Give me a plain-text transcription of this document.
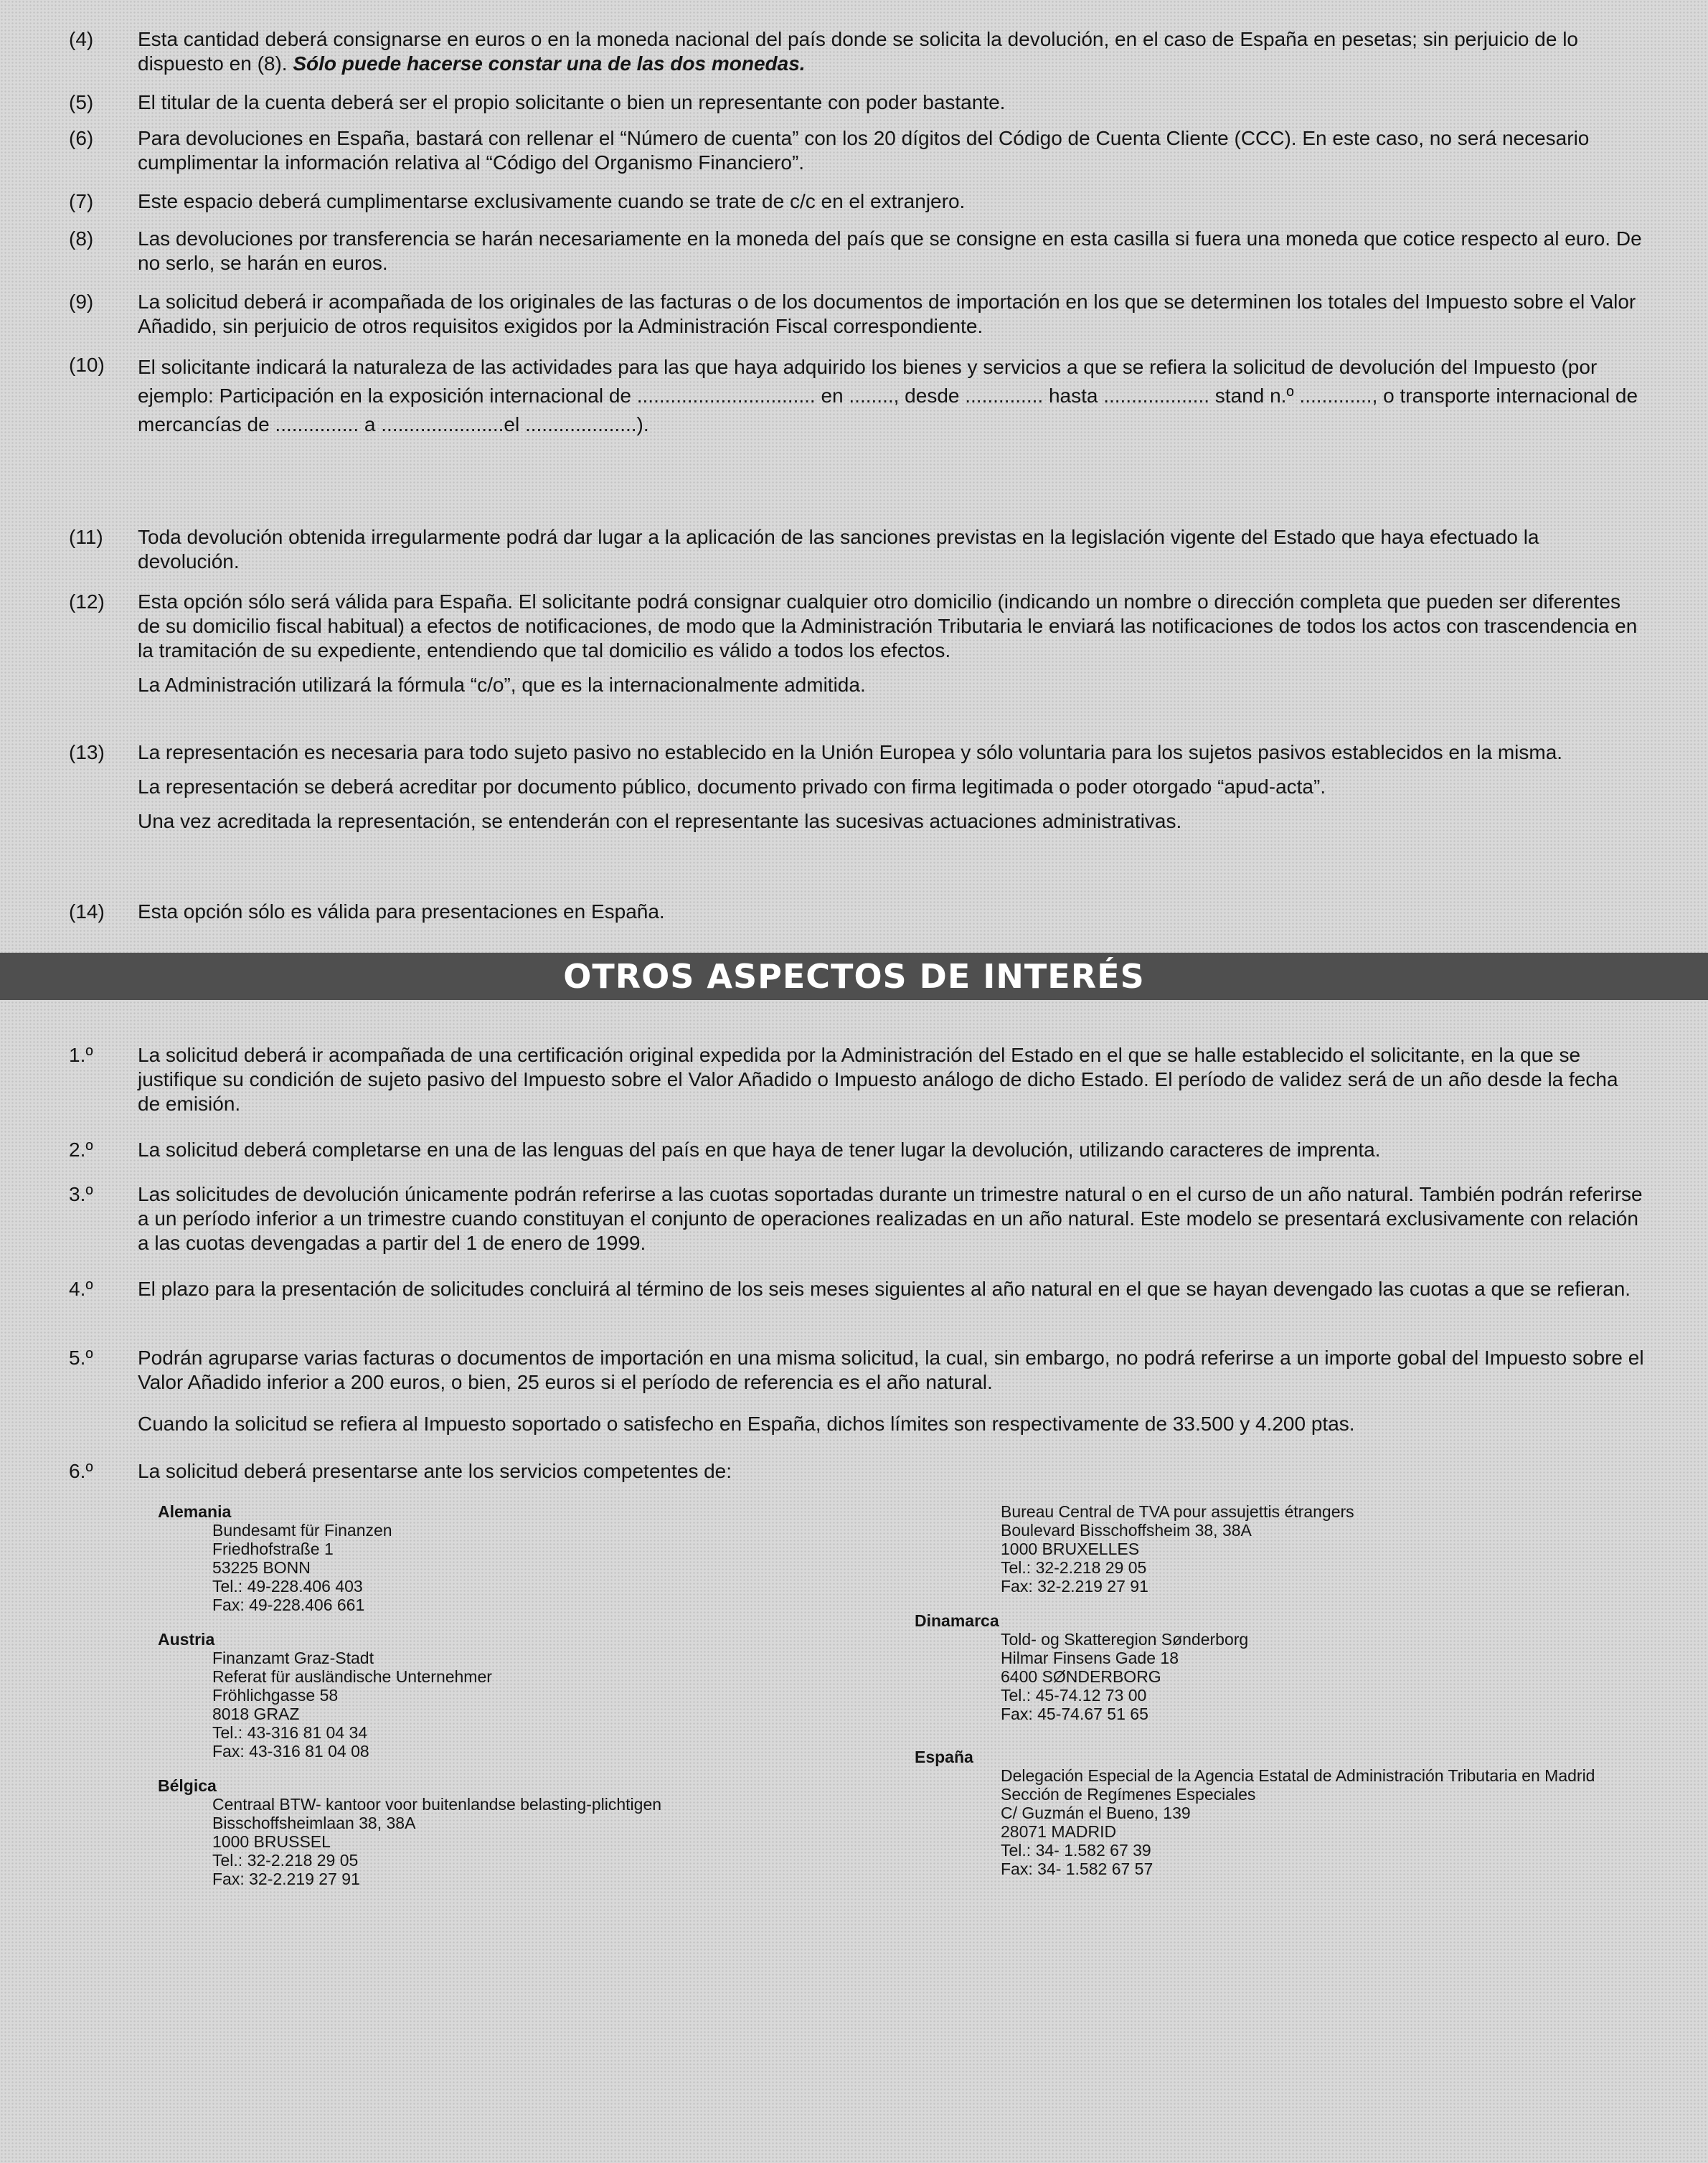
(4) Esta cantidad deberá consignarse en euros o en la moneda nacional del país donde se solicita la devolución, en el caso de España en pesetas; sin perjuicio de lo dispuesto en (8). Sólo puede hacerse constar una de las dos monedas.

(5) El titular de la cuenta deberá ser el propio solicitante o bien un representante con poder bastante.

(6) Para devoluciones en España, bastará con rellenar el “Número de cuenta” con los 20 dígitos del Código de Cuenta Cliente (CCC). En este caso, no será necesario cumplimentar la información relativa al “Código del Organismo Financiero”.

(7) Este espacio deberá cumplimentarse exclusivamente cuando se trate de c/c en el extranjero.

(8) Las devoluciones por transferencia se harán necesariamente en la moneda del país que se consigne en esta casilla si fuera una moneda que cotice respecto al euro. De no serlo, se harán en euros.

(9) La solicitud deberá ir acompañada de los originales de las facturas o de los documentos de importación en los que se determinen los totales del Impuesto sobre el Valor Añadido, sin perjuicio de otros requisitos exigidos por la Administración Fiscal correspondiente.

(10) El solicitante indicará la naturaleza de las actividades para las que haya adquirido los bienes y servicios a que se refiera la solicitud de devolución del Impuesto (por ejemplo: Participación en la exposición internacional de ................................ en ........, desde .............. hasta ................... stand n.º ............., o transporte internacional de mercancías de ............... a ......................el ....................).

(11) Toda devolución obtenida irregularmente podrá dar lugar a la aplicación de las sanciones previstas en la legislación vigente del Estado que haya efectuado la devolución.

(12) Esta opción sólo será válida para España. El solicitante podrá consignar cualquier otro domicilio (indicando un nombre o dirección completa que pueden ser diferentes de su domicilio fiscal habitual) a efectos de notificaciones, de modo que la Administración Tributaria le enviará las notificaciones de todos los actos con trascendencia en la tramitación de su expediente, entendiendo que tal domicilio es válido a todos los efectos.

La Administración utilizará la fórmula “c/o”, que es la internacionalmente admitida.

(13) La representación es necesaria para todo sujeto pasivo no establecido en la Unión Europea y sólo voluntaria para los sujetos pasivos establecidos en la misma.

La representación se deberá acreditar por documento público, documento privado con firma legitimada o poder otorgado “apud-acta”.

Una vez acreditada la representación, se entenderán con el representante las sucesivas actuaciones administrativas.

(14) Esta opción sólo es válida para presentaciones en España.

OTROS ASPECTOS DE INTERÉS
1.º La solicitud deberá ir acompañada de una certificación original expedida por la Administración del Estado en el que se halle establecido el solicitante, en la que se justifique su condición de sujeto pasivo del Impuesto sobre el Valor Añadido o Impuesto análogo de dicho Estado. El período de validez será de un año desde la fecha de emisión.

2.º La solicitud deberá completarse en una de las lenguas del país en que haya de tener lugar la devolución, utilizando caracteres de imprenta.

3.º Las solicitudes de devolución únicamente podrán referirse a las cuotas soportadas durante un trimestre natural o en el curso de un año natural. También podrán referirse a un período inferior a un trimestre cuando constituyan el conjunto de operaciones realizadas en un año natural. Este modelo se presentará exclusivamente con relación a las cuotas devengadas a partir del 1 de enero de 1999.

4.º El plazo para la presentación de solicitudes concluirá al término de los seis meses siguientes al año natural en el que se hayan devengado las cuotas a que se refieran.

5.º Podrán agruparse varias facturas o documentos de importación en una misma solicitud, la cual, sin embargo, no podrá referirse a un importe gobal del Impuesto sobre el Valor Añadido inferior a 200 euros, o bien, 25 euros si el período de referencia es el año natural.

Cuando la solicitud se refiera al Impuesto soportado o satisfecho en España, dichos límites son respectivamente de 33.500 y 4.200 ptas.

6.º La solicitud deberá presentarse ante los servicios competentes de:

Alemania

Bundesamt für Finanzen
Friedhofstraße 1
53225 BONN
Tel.: 49-228.406 403
Fax: 49-228.406 661

Austria

Finanzamt Graz-Stadt
Referat für ausländische Unternehmer
Fröhlichgasse 58
8018 GRAZ
Tel.: 43-316 81 04 34
Fax: 43-316 81 04 08

Bélgica

Centraal BTW- kantoor voor buitenlandse belasting-plichtigen
Bisschoffsheimlaan 38, 38A
1000 BRUSSEL
Tel.: 32-2.218 29 05
Fax: 32-2.219 27 91
Bureau Central de TVA pour assujettis étrangers
Boulevard Bisschoffsheim 38, 38A
1000 BRUXELLES
Tel.: 32-2.218 29 05
Fax: 32-2.219 27 91

Dinamarca

Told- og Skatteregion Sønderborg
Hilmar Finsens Gade 18
6400 SØNDERBORG
Tel.: 45-74.12 73 00
Fax: 45-74.67 51 65

España

Delegación Especial de la Agencia Estatal de Administración Tributaria en Madrid
Sección de Regímenes Especiales
C/ Guzmán el Bueno, 139
28071 MADRID
Tel.: 34- 1.582 67 39
Fax: 34- 1.582 67 57
